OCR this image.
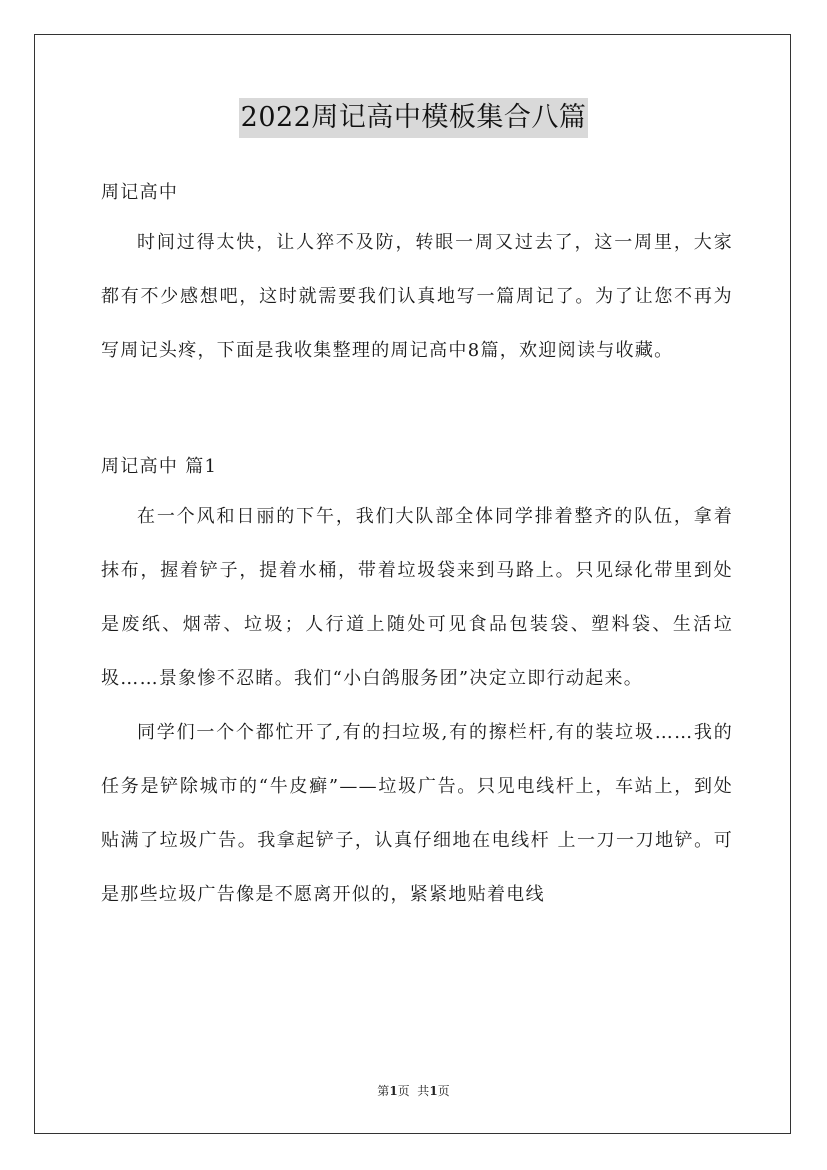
2022周记高中模板集合八篇

周记高中

时间过得太快，让人猝不及防，转眼一周又过去了，这一周里，大家都有不少感想吧，这时就需要我们认真地写一篇周记了。为了让您不再为写周记头疼，下面是我收集整理的周记高中8篇，欢迎阅读与收藏。

周记高中 篇1

在一个风和日丽的下午，我们大队部全体同学排着整齐的队伍，拿着抹布，握着铲子，提着水桶，带着垃圾袋来到马路上。只见绿化带里到处是废纸、烟蒂、垃圾；人行道上随处可见食品包装袋、塑料袋、生活垃圾……景象惨不忍睹。我们“小白鸽服务团”决定立即行动起来。

同学们一个个都忙开了,有的扫垃圾,有的擦栏杆,有的装垃圾……我的任务是铲除城市的“牛皮癣”——垃圾广告。只见电线杆上，车站上，到处贴满了垃圾广告。我拿起铲子，认真仔细地在电线杆 上一刀一刀地铲。可是那些垃圾广告像是不愿离开似的，紧紧地贴着电线

第1页  共1页
